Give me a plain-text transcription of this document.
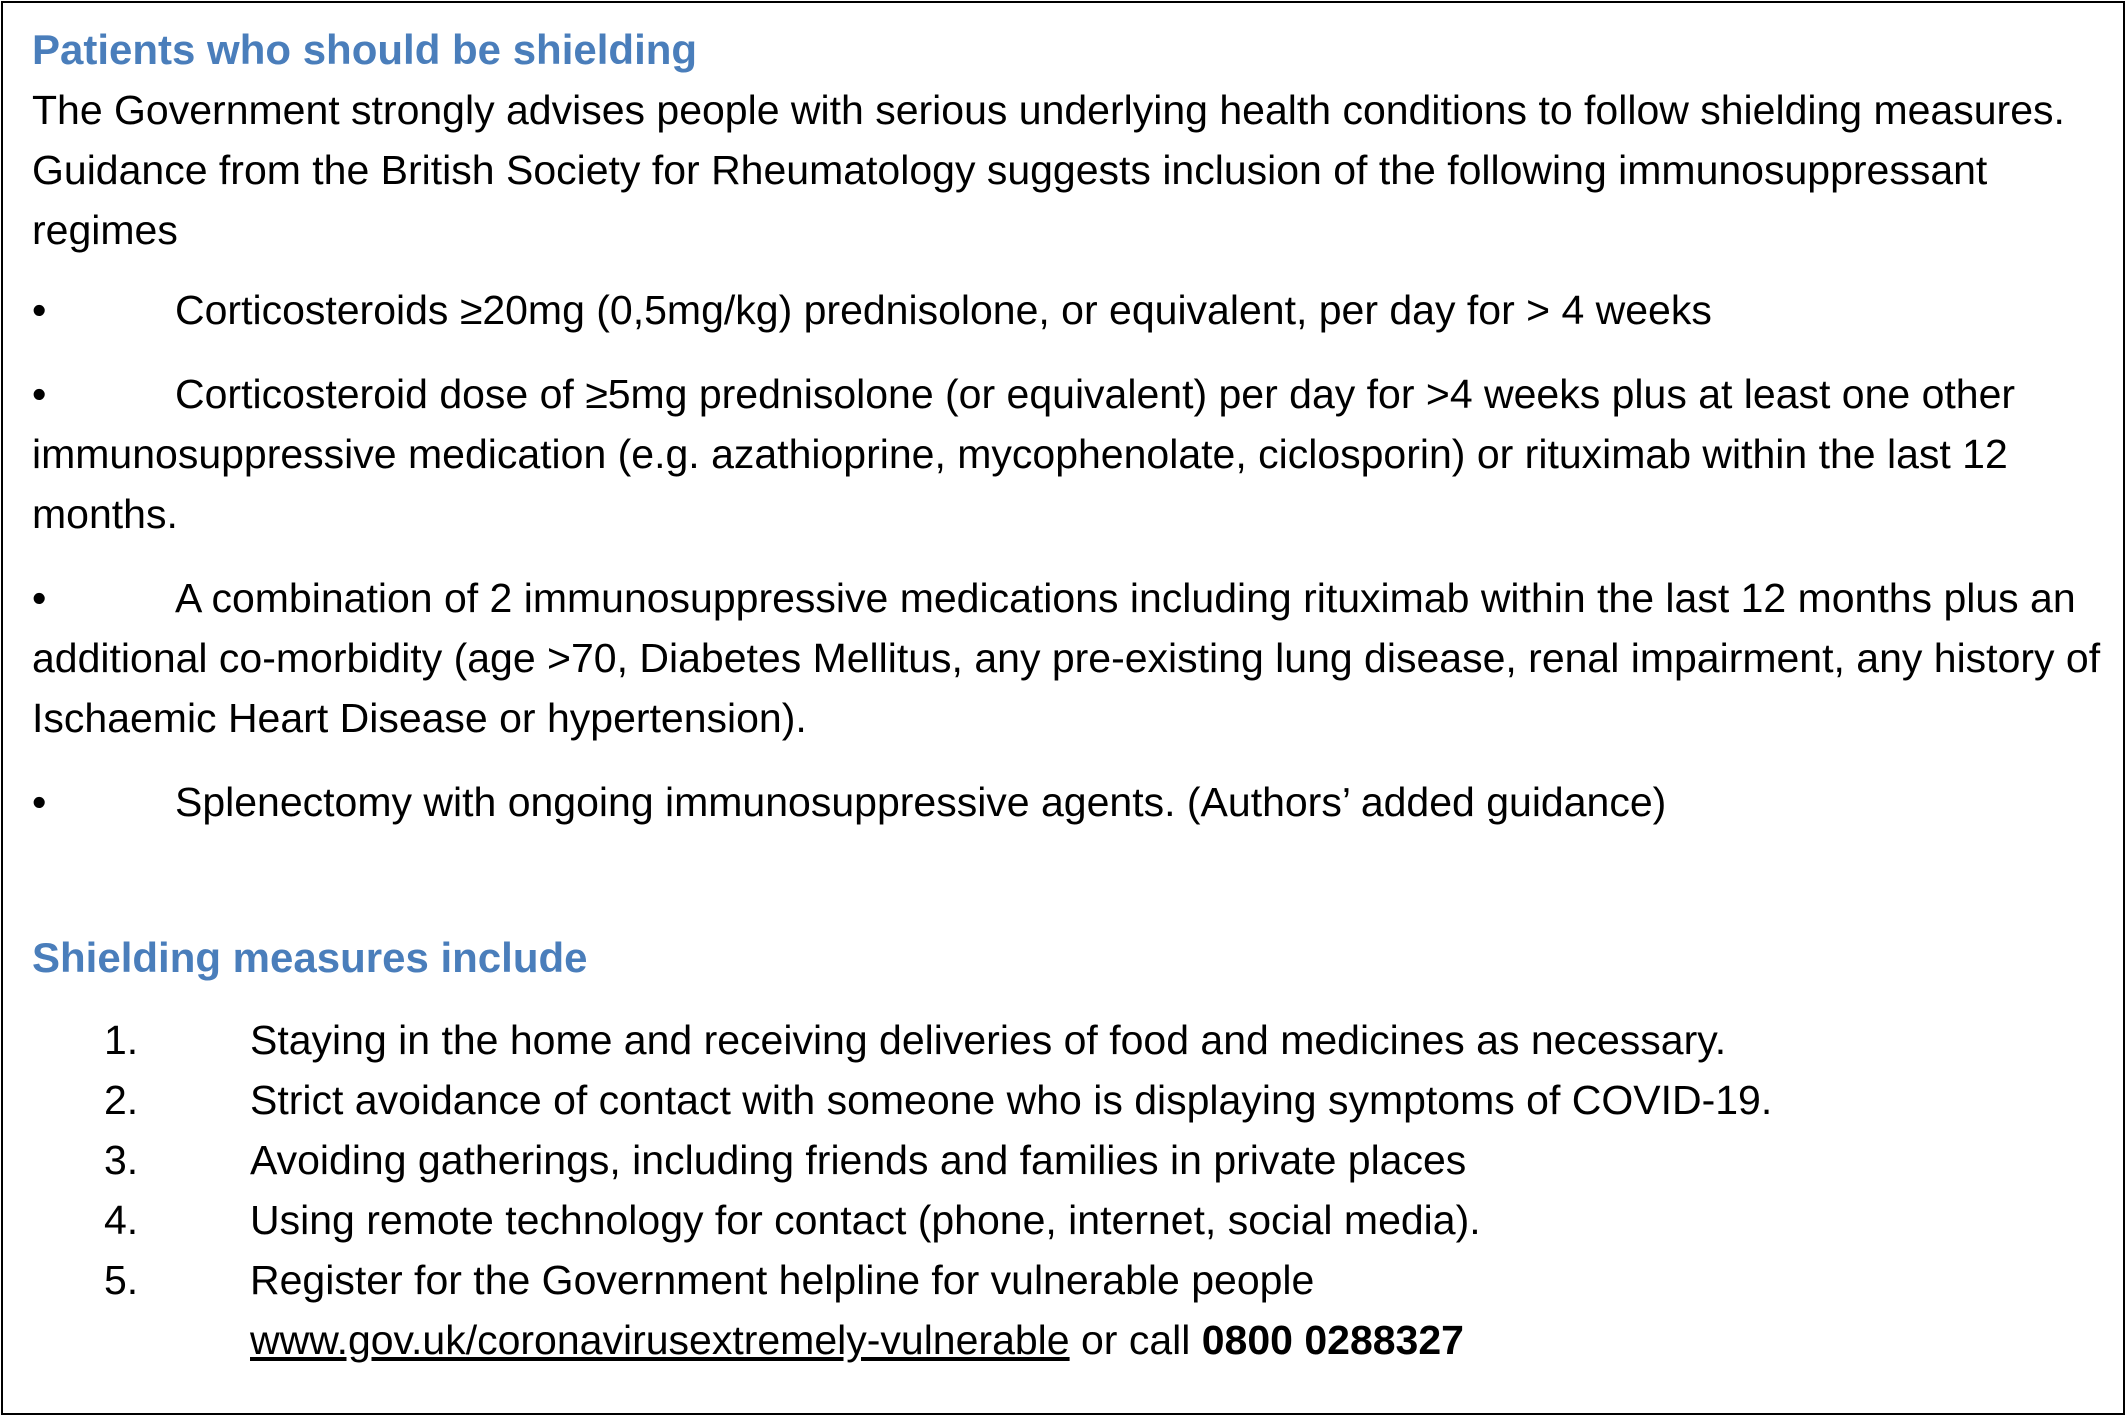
Patients who should be shielding

The Government strongly advises people with serious underlying health conditions to follow shielding measures. Guidance from the British Society for Rheumatology suggests inclusion of the following immunosuppressant regimes

•	Corticosteroids ≥20mg (0,5mg/kg) prednisolone, or equivalent, per day for > 4 weeks
•	Corticosteroid dose of ≥5mg prednisolone (or equivalent) per day for >4 weeks plus at least one other immunosuppressive medication (e.g. azathioprine, mycophenolate, ciclosporin) or rituximab within the last 12 months.
•	A combination of 2 immunosuppressive medications including rituximab within the last 12 months plus an additional co-morbidity (age >70, Diabetes Mellitus, any pre-existing lung disease, renal impairment, any history of Ischaemic Heart Disease or hypertension).
•	Splenectomy with ongoing immunosuppressive agents. (Authors’ added guidance)
Shielding measures include
1.	Staying in the home and receiving deliveries of food and medicines as necessary.
2.	Strict avoidance of contact with someone who is displaying symptoms of COVID-19.
3.	Avoiding gatherings, including friends and families in private places
4.	Using remote technology for contact (phone, internet, social media).
5.	Register for the Government helpline for vulnerable people
www.gov.uk/coronavirusextremely-vulnerable or call 0800 0288327
